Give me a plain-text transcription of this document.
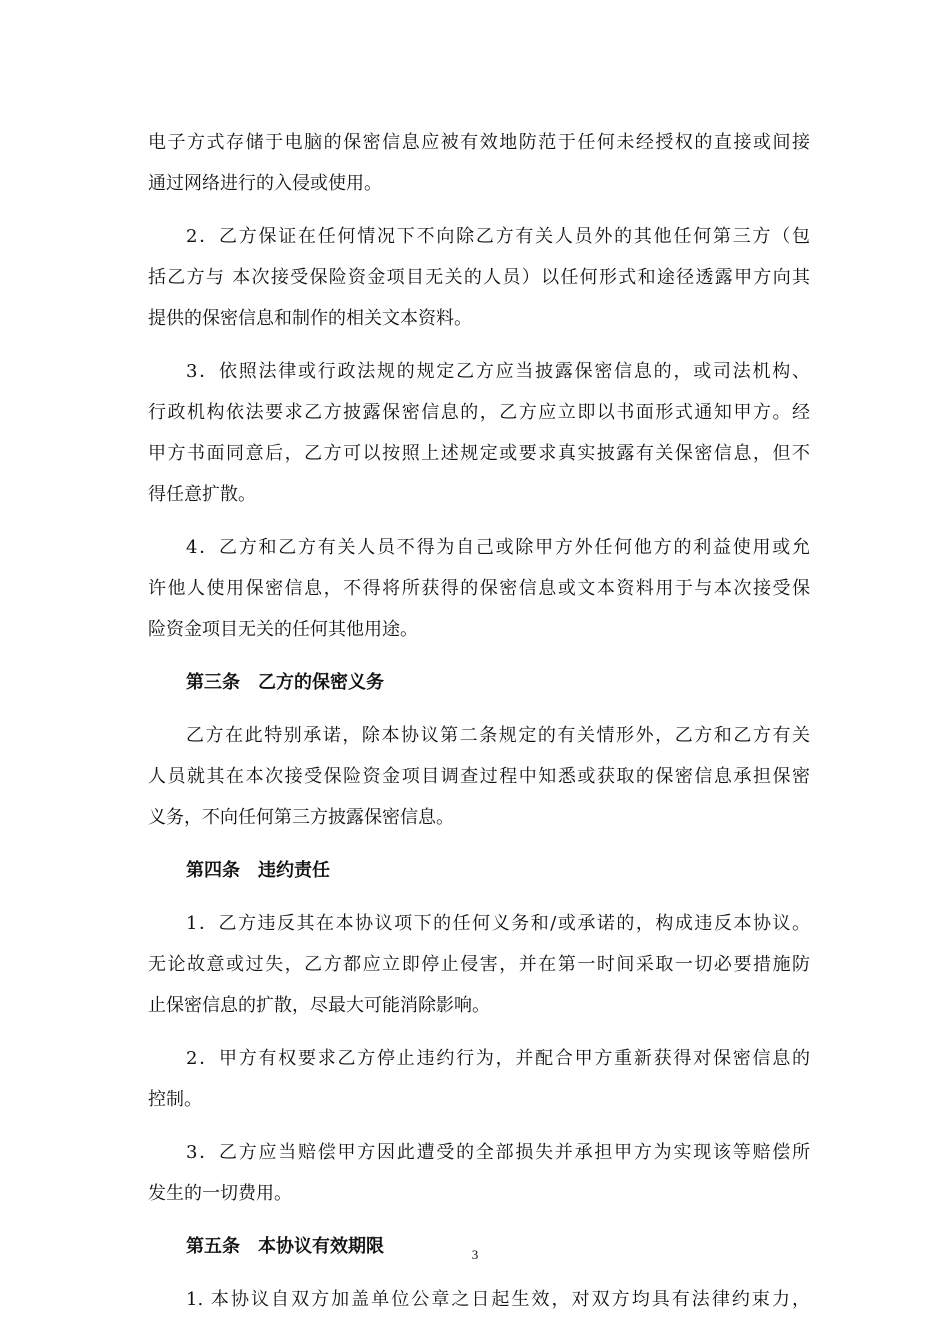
电子方式存储于电脑的保密信息应被有效地防范于任何未经授权的直接或间接
通过网络进行的入侵或使用。
2．乙方保证在任何情况下不向除乙方有关人员外的其他任何第三方（包
括乙方与 本次接受保险资金项目无关的人员）以任何形式和途径透露甲方向其
提供的保密信息和制作的相关文本资料。
3．依照法律或行政法规的规定乙方应当披露保密信息的，或司法机构、
行政机构依法要求乙方披露保密信息的，乙方应立即以书面形式通知甲方。经
甲方书面同意后，乙方可以按照上述规定或要求真实披露有关保密信息，但不
得任意扩散。
4．乙方和乙方有关人员不得为自己或除甲方外任何他方的利益使用或允
许他人使用保密信息，不得将所获得的保密信息或文本资料用于与本次接受保
险资金项目无关的任何其他用途。
第三条　乙方的保密义务
乙方在此特别承诺，除本协议第二条规定的有关情形外，乙方和乙方有关
人员就其在本次接受保险资金项目调查过程中知悉或获取的保密信息承担保密
义务，不向任何第三方披露保密信息。
第四条　违约责任
1．乙方违反其在本协议项下的任何义务和/或承诺的，构成违反本协议。
无论故意或过失，乙方都应立即停止侵害，并在第一时间采取一切必要措施防
止保密信息的扩散，尽最大可能消除影响。
2．甲方有权要求乙方停止违约行为，并配合甲方重新获得对保密信息的
控制。
3．乙方应当赔偿甲方因此遭受的全部损失并承担甲方为实现该等赔偿所
发生的一切费用。
第五条　本协议有效期限
1. 本协议自双方加盖单位公章之日起生效，对双方均具有法律约束力，
3
